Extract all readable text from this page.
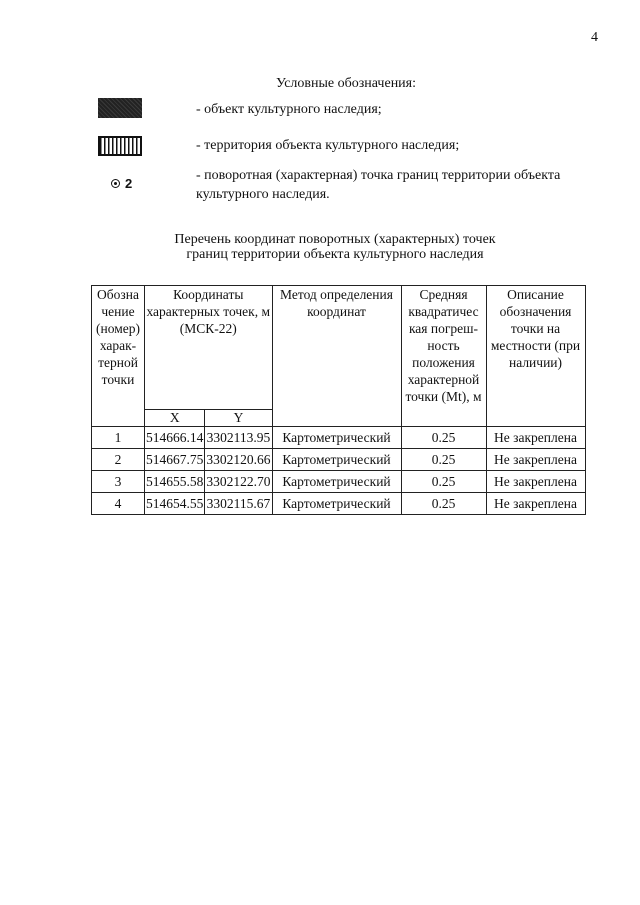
4
Условные обозначения:
- объект культурного наследия;
- территория объекта культурного наследия;
2
- поворотная (характерная) точка границ территории объекта культурного наследия.
Перечень координат поворотных (характерных) точек
границ территории объекта культурного наследия
Обозна чение (номер) харак- терной точки	Координаты характерных точек, м (МСК-22)		Метод определения координат	Средняя квадратичес кая погреш- ность положения характерной точки (Mt), м	Описание обозначения точки на местности (при наличии)
	X	Y			
1	514666.14	3302113.95	Картометрический	0.25	Не закреплена
2	514667.75	3302120.66	Картометрический	0.25	Не закреплена
3	514655.58	3302122.70	Картометрический	0.25	Не закреплена
4	514654.55	3302115.67	Картометрический	0.25	Не закреплена
